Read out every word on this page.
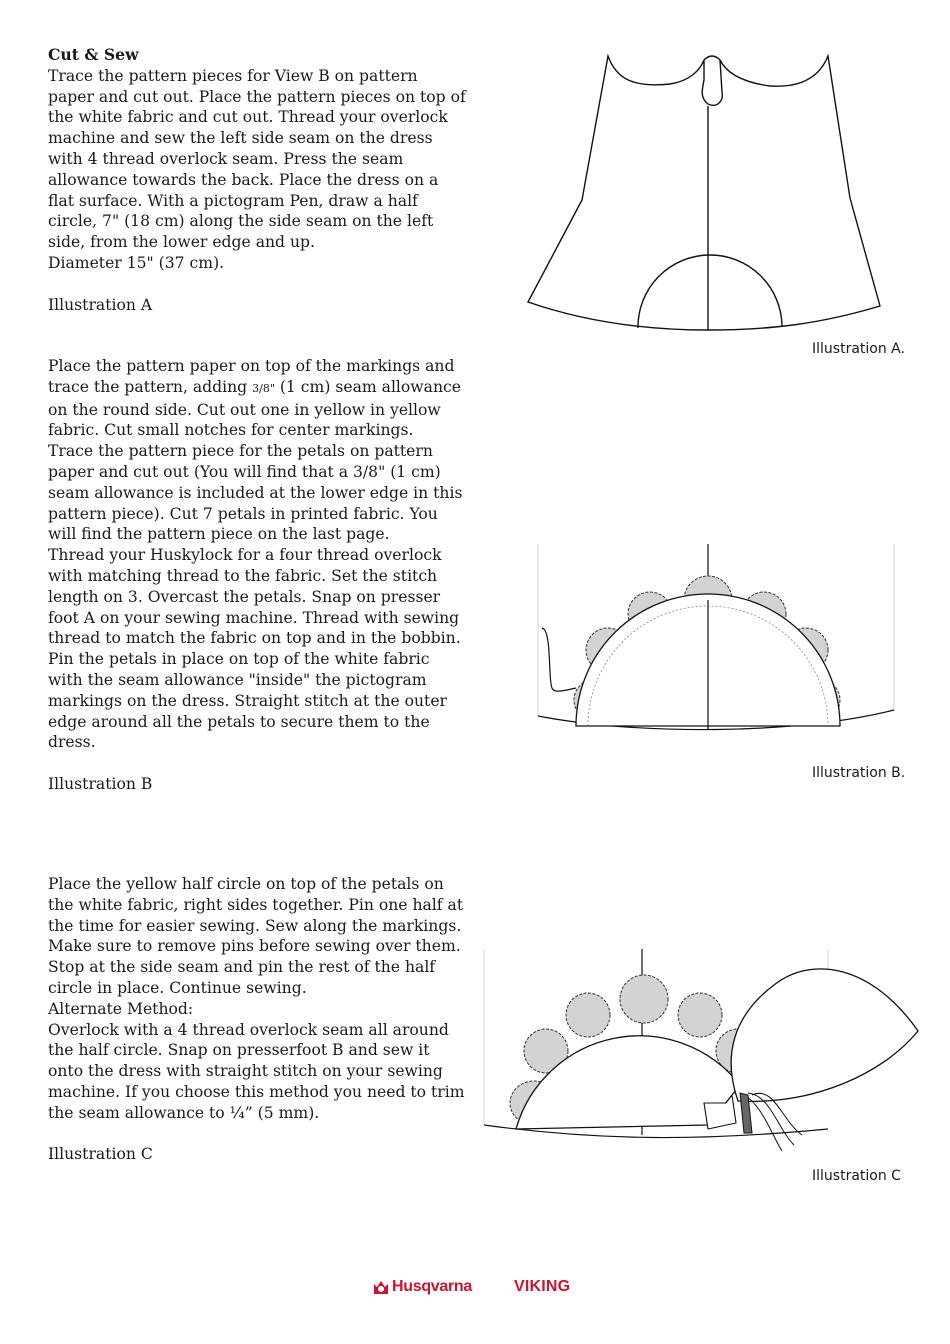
Cut & Sew

Trace the pattern pieces for View B on pattern paper and cut out. Place the pattern pieces on top of the white fabric and cut out. Thread your overlock machine and sew the left side seam on the dress with 4 thread overlock seam. Press the seam allowance towards the back. Place the dress on a flat surface. With a pictogram Pen, draw a half circle, 7" (18 cm) along the side seam on the left side, from the lower edge and up.

Diameter 15" (37 cm).

Illustration A

Place the pattern paper on top of the markings and trace the pattern, adding 3/8" (1 cm) seam allowance on the round side. Cut out one in yellow in yellow fabric. Cut small notches for center markings.

Trace the pattern piece for the petals on pattern paper and cut out (You will find that a 3/8" (1 cm) seam allowance is included at the lower edge in this pattern piece). Cut 7 petals in printed fabric. You will find the pattern piece on the last page.

Thread your Huskylock for a four thread overlock with matching thread to the fabric. Set the stitch length on 3. Overcast the petals. Snap on presser foot A on your sewing machine. Thread with sewing thread to match the fabric on top and in the bobbin. Pin the petals in place on top of the white fabric with the seam allowance "inside" the pictogram markings on the dress. Straight stitch at the outer edge around all the petals to secure them to the dress.

Illustration B

Place the yellow half circle on top of the petals on the white fabric, right sides together. Pin one half at the time for easier sewing. Sew along the markings. Make sure to remove pins before sewing over them. Stop at the side seam and pin the rest of the half circle in place. Continue sewing.

Alternate Method:

Overlock with a 4 thread overlock seam all around the half circle. Snap on presserfoot B and sew it onto the dress with straight stitch on your sewing machine. If you choose this method you need to trim the seam allowance to ¼” (5 mm).

Illustration C

Illustration A.
Illustration B.
Illustration C
Husqvarna	VIKING
